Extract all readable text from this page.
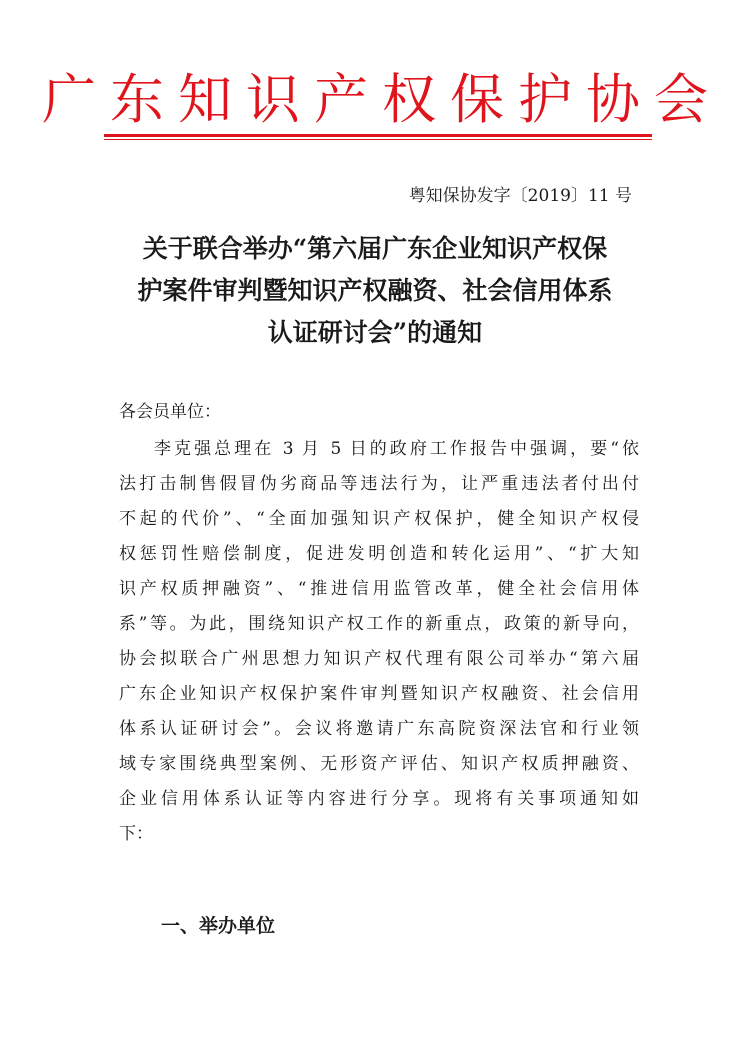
广东知识产权保护协会
粤知保协发字〔2019〕11 号
关于联合举办“第六届广东企业知识产权保
护案件审判暨知识产权融资、社会信用体系
认证研讨会”的通知
各会员单位：
李克强总理在 3 月 5 日的政府工作报告中强调，要“依
法打击制售假冒伪劣商品等违法行为，让严重违法者付出付
不起的代价”、“全面加强知识产权保护，健全知识产权侵
权惩罚性赔偿制度，促进发明创造和转化运用”、“扩大知
识产权质押融资”、“推进信用监管改革，健全社会信用体
系”等。为此，围绕知识产权工作的新重点，政策的新导向，
协会拟联合广州思想力知识产权代理有限公司举办“第六届
广东企业知识产权保护案件审判暨知识产权融资、社会信用
体系认证研讨会”。会议将邀请广东高院资深法官和行业领
域专家围绕典型案例、无形资产评估、知识产权质押融资、
企业信用体系认证等内容进行分享。现将有关事项通知如
下：
一、举办单位
